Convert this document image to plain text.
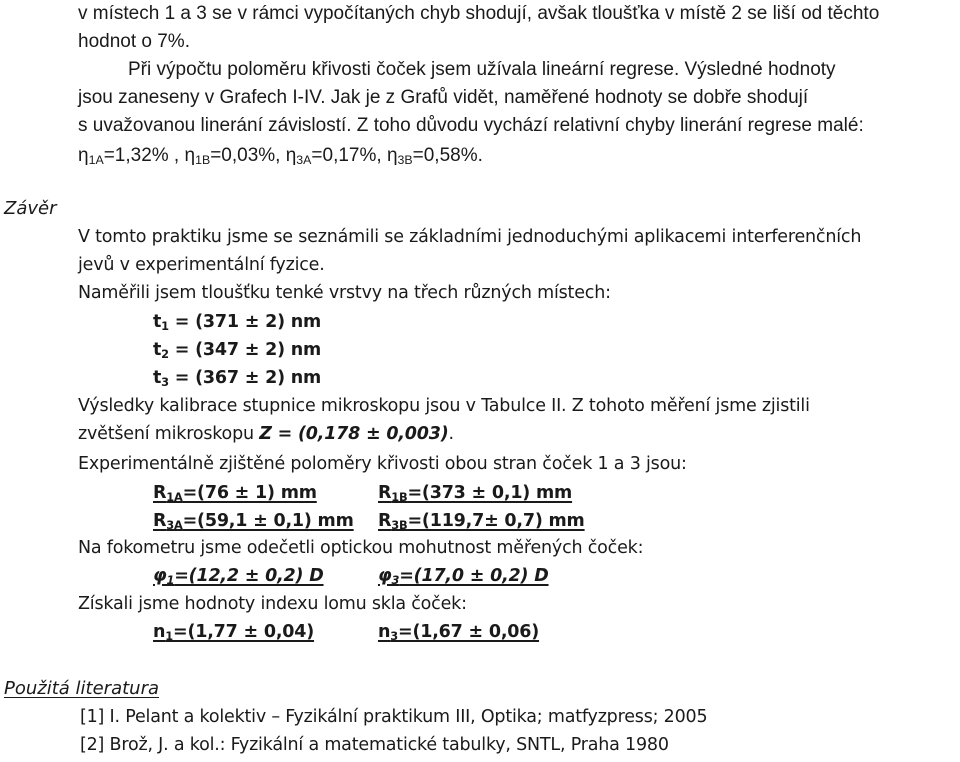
v místech 1 a 3 se v rámci vypočítaných chyb shodují, avšak tloušťka v místě 2 se liší od těchto
hodnot o 7%.
Při výpočtu poloměru křivosti čoček jsem užívala lineární regrese. Výsledné hodnoty
jsou zaneseny v Grafech I-IV. Jak je z Grafů vidět, naměřené hodnoty se dobře shodují
s uvažovanou linerání závislostí. Z toho důvodu vychází relativní chyby linerání regrese malé:
$\eta_{1A}=1,32\%$ , $\eta_{1B}=0,03\%$, $\eta_{3A}=0,17\%$, $\eta_{3B}=0,58\%$.
Závěr
V tomto praktiku jsme se seznámili se základními jednoduchými aplikacemi interferenčních
jevů v experimentální fyzice.
Naměřili jsem tloušťku tenké vrstvy na třech různých místech:
$t_1 = (371 \pm 2)$ nm
$t_2 = (347 \pm 2)$ nm
$t_3 = (367 \pm 2)$ nm
Výsledky kalibrace stupnice mikroskopu jsou v Tabulce II. Z tohoto měření jsme zjistili
zvětšení mikroskopu Z = (0,178 ± 0,003).
Experimentálně zjištěné poloměry křivosti obou stran čoček 1 a 3 jsou:
$R_{1A}=(76 \pm 1)$ mm	$R_{1B}=(373 \pm 0,1)$ mm
$R_{3A}=(59,1 \pm 0,1)$ mm $R_{3B}=(119,7\pm 0,7)$ mm
Na fokometru jsme odečetli optickou mohutnost měřených čoček:
$\varphi_1=(12,2 \pm 0,2)$ D	$\varphi_3=(17,0 \pm 0,2)$ D
Získali jsme hodnoty indexu lomu skla čoček:
$n_1=(1,77 \pm 0,04)$	$n_3=(1,67 \pm 0,06)$
Použitá literatura
[1] I. Pelant a kolektiv – Fyzikální praktikum III, Optika; matfyzpress; 2005
[2] Brož, J. a kol.: Fyzikální a matematické tabulky, SNTL, Praha 1980
